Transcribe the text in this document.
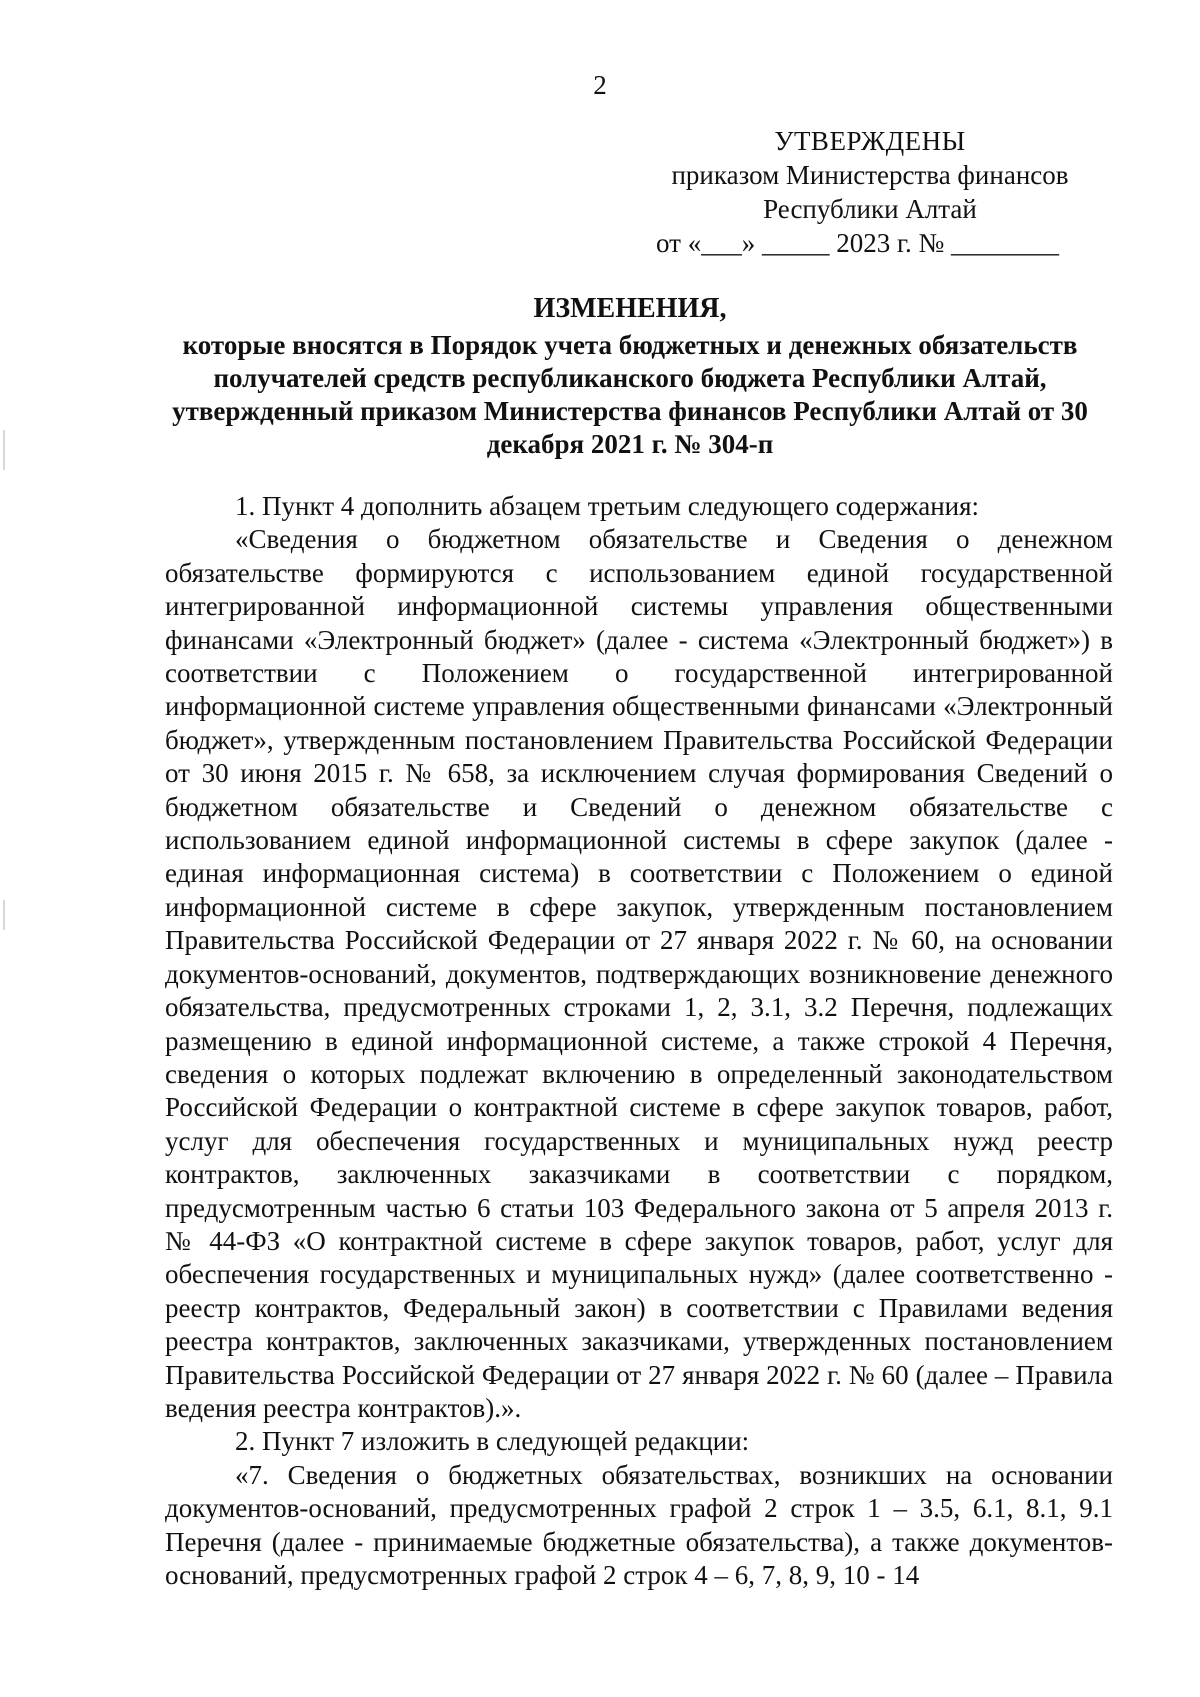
2
УТВЕРЖДЕНЫ
приказом Министерства финансов
Республики Алтай
от «___» _____ 2023 г. № ________
ИЗМЕНЕНИЯ,
которые вносятся в Порядок учета бюджетных и денежных обязательств получателей средств республиканского бюджета Республики Алтай, утвержденный приказом Министерства финансов Республики Алтай от 30 декабря 2021 г. № 304-п

1. Пункт 4 дополнить абзацем третьим следующего содержания:

«Сведения о бюджетном обязательстве и Сведения о денежном обязательстве формируются с использованием единой государственной интегрированной информационной системы управления общественными финансами «Электронный бюджет» (далее - система «Электронный бюджет») в соответствии с Положением о государственной интегрированной информационной системе управления общественными финансами «Электронный бюджет», утвержденным постановлением Правительства Российской Федерации от 30 июня 2015 г. № 658, за исключением случая формирования Сведений о бюджетном обязательстве и Сведений о денежном обязательстве с использованием единой информационной системы в сфере закупок (далее - единая информационная система) в соответствии с Положением о единой информационной системе в сфере закупок, утвержденным постановлением Правительства Российской Федерации от 27 января 2022 г. № 60, на основании документов-оснований, документов, подтверждающих возникновение денежного обязательства, предусмотренных строками 1, 2, 3.1, 3.2 Перечня, подлежащих размещению в единой информационной системе, а также строкой 4 Перечня, сведения о которых подлежат включению в определенный законодательством Российской Федерации о контрактной системе в сфере закупок товаров, работ, услуг для обеспечения государственных и муниципальных нужд реестр контрактов, заключенных заказчиками в соответствии с порядком, предусмотренным частью 6 статьи 103 Федерального закона от 5 апреля 2013 г. № 44-ФЗ «О контрактной системе в сфере закупок товаров, работ, услуг для обеспечения государственных и муниципальных нужд» (далее соответственно - реестр контрактов, Федеральный закон) в соответствии с Правилами ведения реестра контрактов, заключенных заказчиками, утвержденных постановлением Правительства Российской Федерации от 27 января 2022 г. № 60 (далее – Правила ведения реестра контрактов).».

2. Пункт 7 изложить в следующей редакции:

«7. Сведения о бюджетных обязательствах, возникших на основании документов-оснований, предусмотренных графой 2 строк 1 – 3.5, 6.1, 8.1, 9.1 Перечня (далее - принимаемые бюджетные обязательства), а также документов-оснований, предусмотренных графой 2 строк 4 – 6, 7, 8, 9, 10 - 14
